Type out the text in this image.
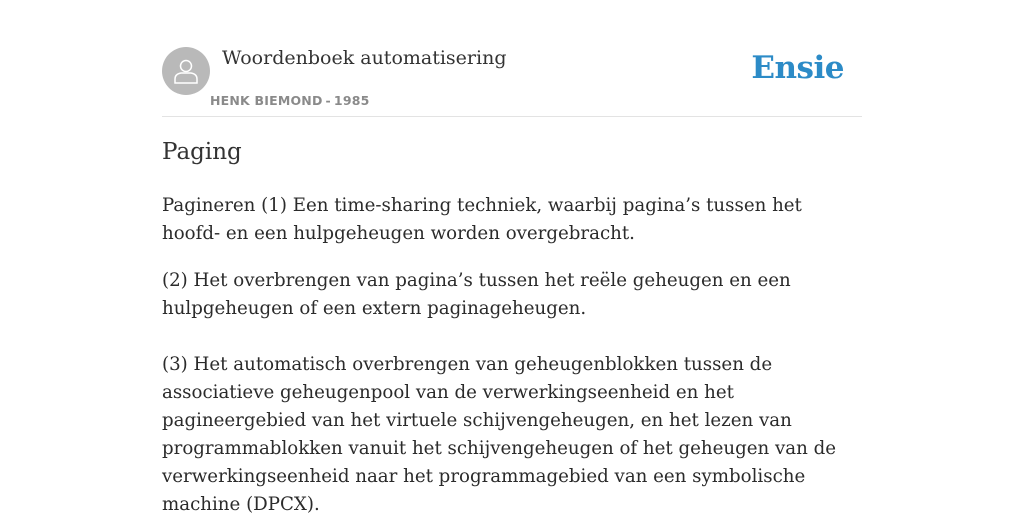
Woordenboek automatisering
HENK BIEMOND - 1985
Ensie
Paging

Pagineren (1) Een time-sharing techniek, waarbij pagina’s tussen het hoofd- en een hulpgeheugen worden overgebracht.

(2) Het overbrengen van pagina’s tussen het reële geheugen en een hulpgeheugen of een extern paginageheugen.

(3) Het automatisch overbrengen van geheugenblokken tussen de associatieve geheugenpool van de verwerkingseenheid en het pagineergebied van het virtuele schijvengeheugen, en het lezen van programmablokken vanuit het schijvengeheugen of het geheugen van de verwerkingseenheid naar het programmagebied van een symbolische machine (DPCX).
